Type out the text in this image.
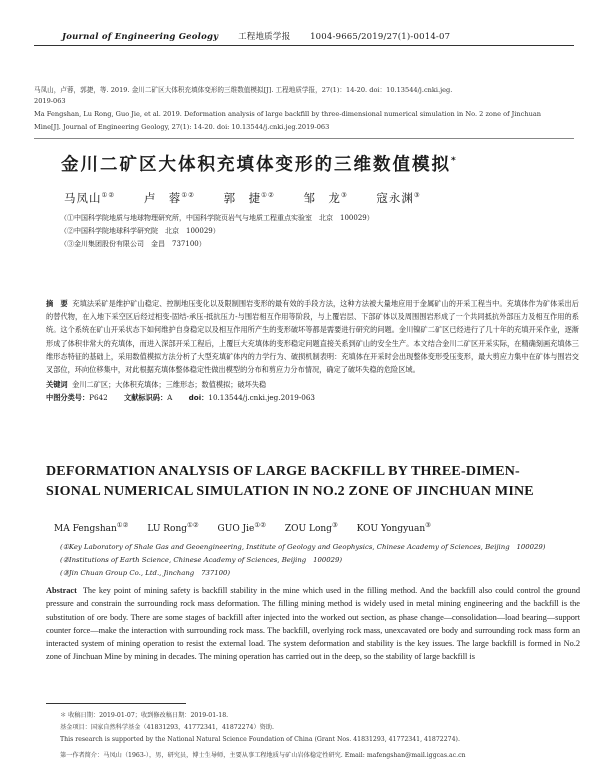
Journal of Engineering Geology 工程地质学报 1004-9665/2019/27(1)-0014-07
马凤山，卢蓉，郭捷，等. 2019. 金川二矿区大体积充填体变形的三维数值模拟[J]. 工程地质学报，27(1)：14-20. doi：10.13544/j.cnki.jeg.
2019-063
Ma Fengshan, Lu Rong, Guo Jie, et al. 2019. Deformation analysis of large backfill by three-dimensional numerical simulation in No. 2 zone of Jinchuan
Mine[J]. Journal of Engineering Geology, 27(1): 14-20. doi: 10.13544/j.cnki.jeg.2019-063
金川二矿区大体积充填体变形的三维数值模拟*
马凤山①② 卢　蓉①② 郭　捷①② 邹　龙③ 寇永渊③
（①中国科学院地质与地球物理研究所，中国科学院页岩气与地质工程重点实验室　北京　100029）
（②中国科学院地球科学研究院　北京　100029）
（③金川集团股份有限公司　金昌　737100）
摘　要 充填法采矿是维护矿山稳定、控制地压变化以及限制围岩变形的最有效的手段方法，这种方法被大量地应用于金属矿山的开采工程当中。充填体作为矿体采出后的替代物，在入地下采空区后经过相变-固结-承压-抵抗压力-与围岩相互作用等阶段，与上覆岩层、下部矿体以及周围围岩形成了一个共同抵抗外部压力及相互作用的系统。这个系统在矿山开采状态下如何维护自身稳定以及相互作用所产生的变形破坏等都是需要进行研究的问题。金川镍矿二矿区已经进行了几十年的充填开采作业，逐渐形成了体积非常大的充填体，而进入深部开采工程后，上覆巨大充填体的变形稳定问题直接关系到矿山的安全生产。本文结合金川二矿区开采实际，在精确刻画充填体三维形态特征的基础上，采用数值模拟方法分析了大型充填矿体内的力学行为、破损机制表明：充填体在开采时会出现整体变形受压变形，最大剪应力集中在矿体与围岩交叉部位，环向位移集中，对此根据充填体整体稳定性做出模型的分布和剪应力分布情况，确定了破坏失稳的危险区域。
关键词 金川二矿区；大体积充填体；三维形态；数值模拟；破坏失稳
中图分类号：P642 文献标识码：A doi：10.13544/j.cnki.jeg.2019-063
DEFORMATION ANALYSIS OF LARGE BACKFILL BY THREE-DIMEN-
SIONAL NUMERICAL SIMULATION IN NO.2 ZONE OF JINCHUAN MINE
MA Fengshan①② LU Rong①② GUO Jie①② ZOU Long③ KOU Yongyuan③
(①Key Laboratory of Shale Gas and Geoengineering, Institute of Geology and Geophysics, Chinese Academy of Sciences, Beijing　100029)
(②Institutions of Earth Science, Chinese Academy of Sciences, Beijing　100029)
(③Jin Chuan Group Co., Ltd., Jinchang　737100)
Abstract The key point of mining safety is backfill stability in the mine which used in the filling method. And the backfill also could control the ground pressure and constrain the surrounding rock mass deformation. The filling mining method is widely used in metal mining engineering and the backfill is the substitution of ore body. There are some stages of backfill after injected into the worked out section, as phase change—consolidation—load bearing—support counter force—make the interaction with surrounding rock mass. The backfill, overlying rock mass, unexcavated ore body and surrounding rock mass form an interacted system of mining operation to resist the external load. The system deformation and stability is the key issues. The large backfill is formed in No.2 zone of Jinchuan Mine by mining in decades. The mining operation has carried out in the deep, so the stability of large backfill is
＊ 收稿日期：2019-01-07；收到修改稿日期：2019-01-18.
基金项目：国家自然科学基金（41831293，41772341，41872274）资助.
This research is supported by the National Natural Science Foundation of China (Grant Nos. 41831293, 41772341, 41872274).
第一作者简介：马凤山（1963-），男，研究员，博士生导师，主要从事工程地质与矿山岩体稳定性研究. Email: mafengshan@mail.iggcas.ac.cn
